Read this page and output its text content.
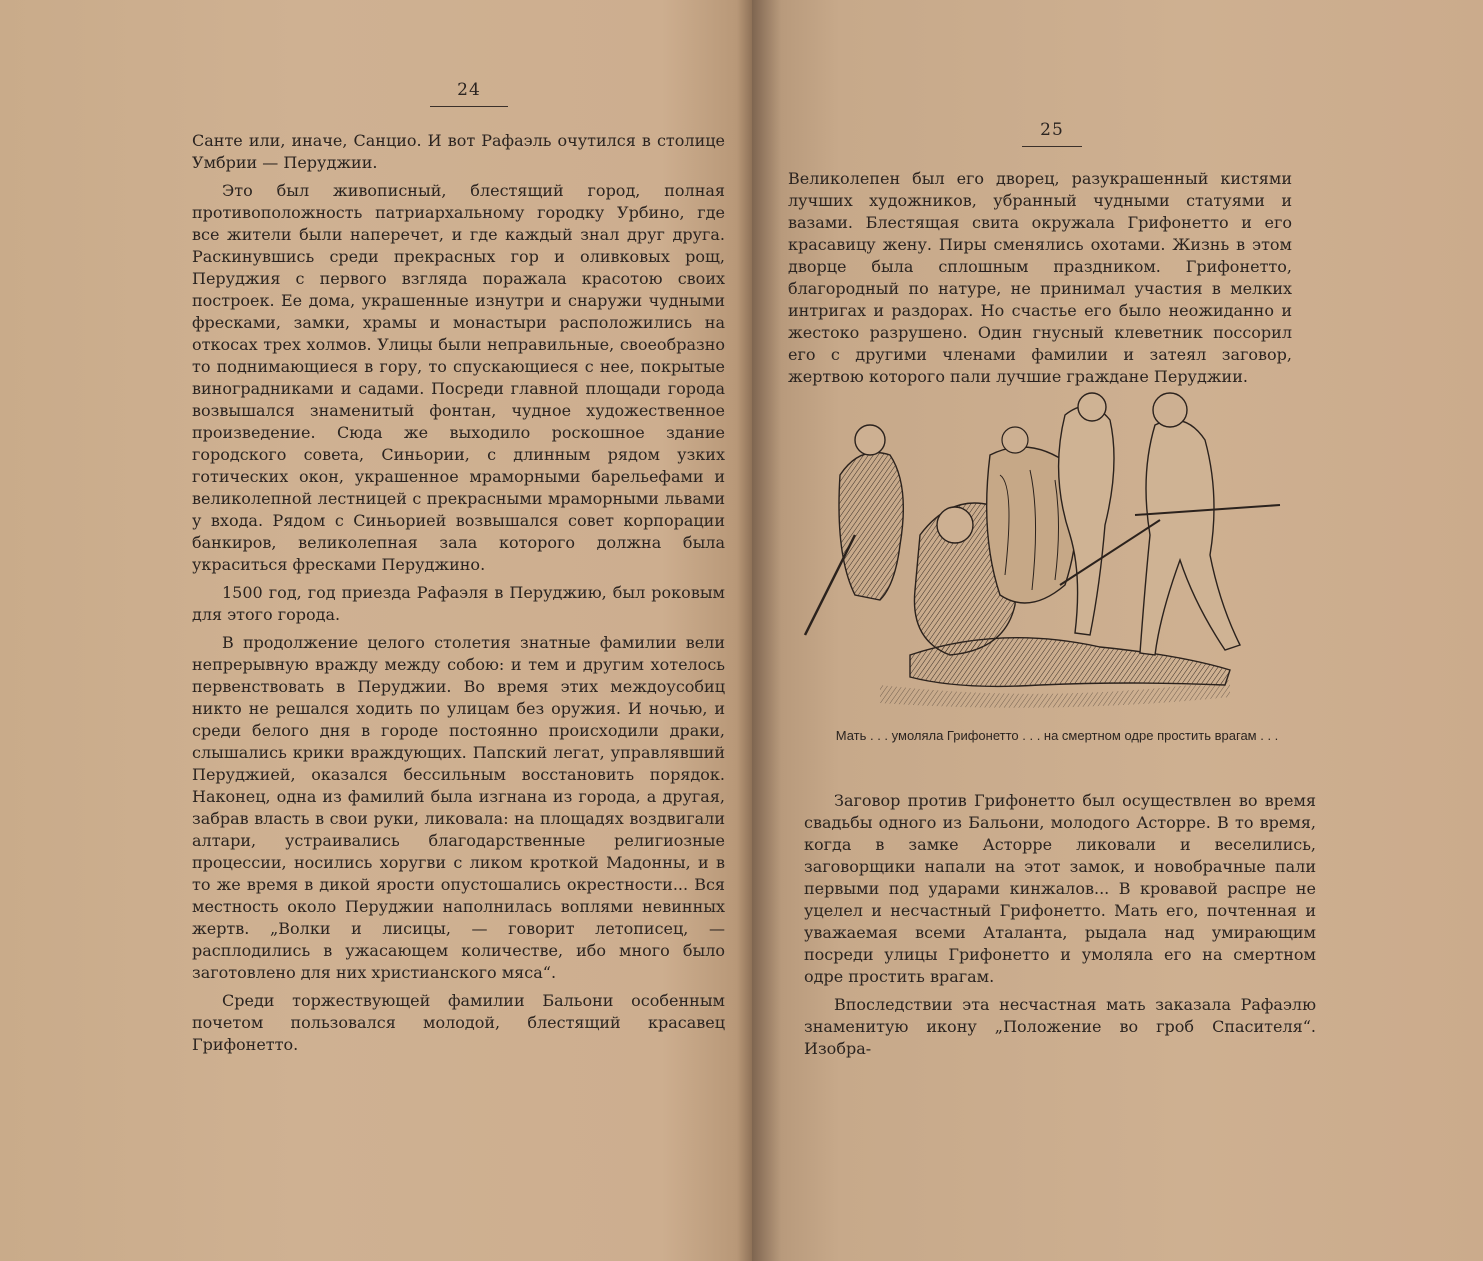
24

Санте или, иначе, Санцио. И вот Рафаэль очутился в столице Умбрии — Перуджии.

Это был живописный, блестящий город, полная противоположность патриархальному городку Урбино, где все жители были наперечет, и где каждый знал друг друга. Раскинувшись среди прекрасных гор и оливковых рощ, Перуджия с первого взгляда поражала красотою своих построек. Ее дома, украшенные изнутри и снаружи чудными фресками, замки, храмы и монастыри расположились на откосах трех холмов. Улицы были неправильные, своеобразно то поднимающиеся в гору, то спускающиеся с нее, покрытые виноградниками и садами. Посреди главной площади города возвышался знаменитый фонтан, чудное художественное произведение. Сюда же выходило роскошное здание городского совета, Синьории, с длинным рядом узких готических окон, украшенное мраморными барельефами и великолепной лестницей с прекрасными мраморными львами у входа. Рядом с Синьорией возвышался совет корпорации банкиров, великолепная зала которого должна была украситься фресками Перуджино.

1500 год, год приезда Рафаэля в Перуджию, был роковым для этого города.

В продолжение целого столетия знатные фамилии вели непрерывную вражду между собою: и тем и другим хотелось первенствовать в Перуджии. Во время этих междоусобиц никто не решался ходить по улицам без оружия. И ночью, и среди белого дня в городе постоянно происходили драки, слышались крики враждующих. Папский легат, управлявший Перуджией, оказался бессильным восстановить порядок. Наконец, одна из фамилий была изгнана из города, а другая, забрав власть в свои руки, ликовала: на площадях воздвигали алтари, устраивались благодарственные религиозные процессии, носились хоругви с ликом кроткой Мадонны, и в то же время в дикой ярости опустошались окрестности... Вся местность около Перуджии наполнилась воплями невинных жертв. „Волки и лисицы, — говорит летописец, — расплодились в ужасающем количестве, ибо много было заготовлено для них христианского мяса“.

Среди торжествующей фамилии Бальони особенным почетом пользовался молодой, блестящий красавец Грифонетто.

25

Великолепен был его дворец, разукрашенный кистями лучших художников, убранный чудными статуями и вазами. Блестящая свита окружала Грифонетто и его красавицу жену. Пиры сменялись охотами. Жизнь в этом дворце была сплошным праздником. Грифонетто, благородный по натуре, не принимал участия в мелких интригах и раздорах. Но счастье его было неожиданно и жестоко разрушено. Один гнусный клеветник поссорил его с другими членами фамилии и затеял заговор, жертвою которого пали лучшие граждане Перуджии.

Мать . . . умоляла Грифонетто . . . на смертном одре простить врагам . . .

Заговор против Грифонетто был осуществлен во время свадьбы одного из Бальони, молодого Асторре. В то время, когда в замке Асторре ликовали и веселились, заговорщики напали на этот замок, и новобрачные пали первыми под ударами кинжалов... В кровавой распре не уцелел и несчастный Грифонетто. Мать его, почтенная и уважаемая всеми Аталанта, рыдала над умирающим посреди улицы Грифонетто и умоляла его на смертном одре простить врагам.

Впоследствии эта несчастная мать заказала Рафаэлю знаменитую икону „Положение во гроб Спасителя“. Изобра-
